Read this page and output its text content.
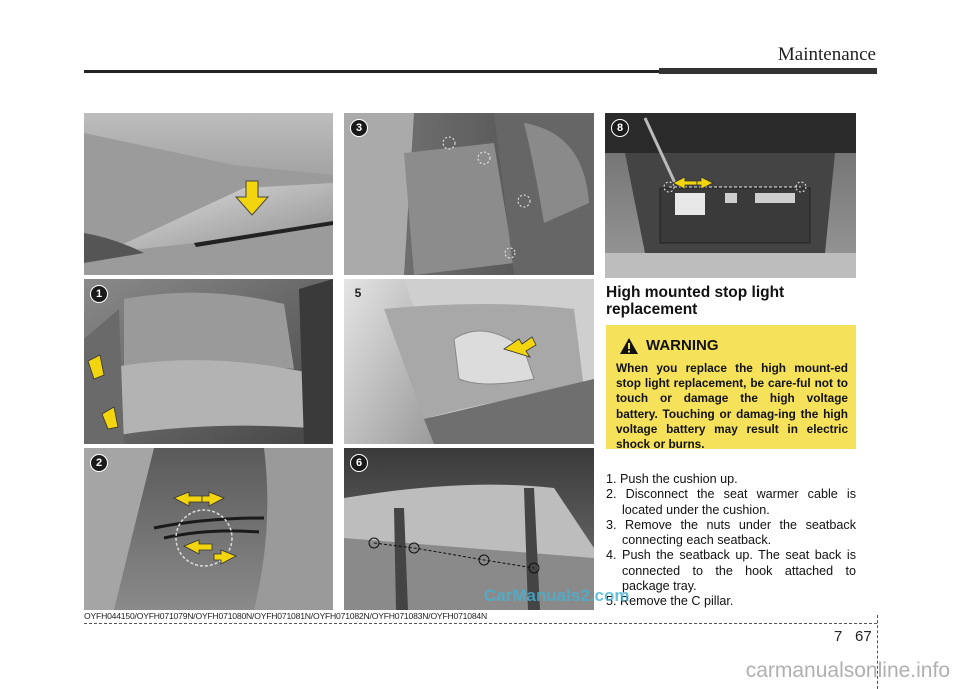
Maintenance
1
2
3
5
6
8
High mounted stop light replacement
WARNING
When you replace the high mount-ed stop light replacement, be care-ful not to touch or damage the high voltage battery. Touching or damag-ing the high voltage battery may result in electric shock or burns.
1. Push the cushion up.
2. Disconnect the seat warmer cable is located under the cushion.
3. Remove the nuts under the seatback connecting each seatback.
4. Push the seatback up. The seat back is connected to the hook attached to package tray.
5. Remove the C pillar.
OYFH044150/OYFH071079N/OYFH071080N/OYFH071081N/OYFH071082N/OYFH071083N/OYFH071084N
CarManuals2.com
7 67
carmanualsonline.info
